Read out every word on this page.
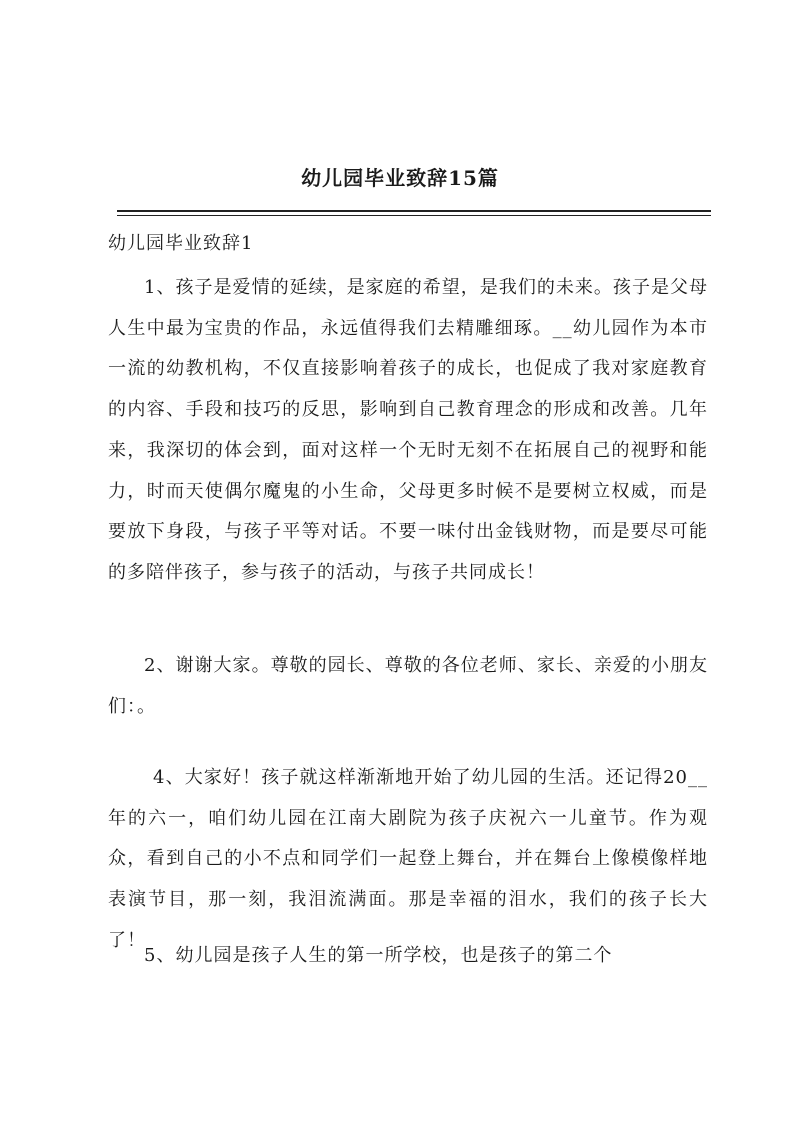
幼儿园毕业致辞15篇
幼儿园毕业致辞1

1、孩子是爱情的延续，是家庭的希望，是我们的未来。孩子是父母人生中最为宝贵的作品，永远值得我们去精雕细琢。__幼儿园作为本市一流的幼教机构，不仅直接影响着孩子的成长，也促成了我对家庭教育的内容、手段和技巧的反思，影响到自己教育理念的形成和改善。几年来，我深切的体会到，面对这样一个无时无刻不在拓展自己的视野和能力，时而天使偶尔魔鬼的小生命，父母更多时候不是要树立权威，而是要放下身段，与孩子平等对话。不要一味付出金钱财物，而是要尽可能的多陪伴孩子，参与孩子的活动，与孩子共同成长！

2、谢谢大家。尊敬的园长、尊敬的各位老师、家长、亲爱的小朋友们：。

4、大家好！孩子就这样渐渐地开始了幼儿园的生活。还记得20__年的六一，咱们幼儿园在江南大剧院为孩子庆祝六一儿童节。作为观众，看到自己的小不点和同学们一起登上舞台，并在舞台上像模像样地表演节目，那一刻，我泪流满面。那是幸福的泪水，我们的孩子长大了！

5、幼儿园是孩子人生的第一所学校，也是孩子的第二个
